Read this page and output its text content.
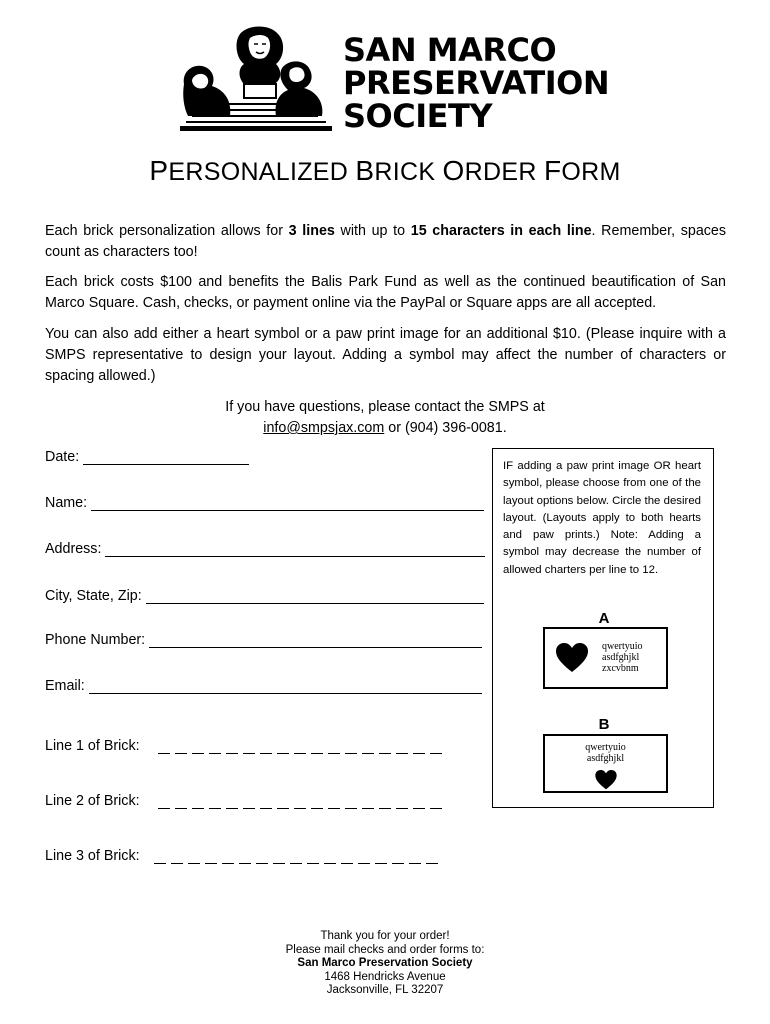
SAN MARCO
PRESERVATION
SOCIETY
PERSONALIZED BRICK ORDER FORM
Each brick personalization allows for 3 lines with up to 15 characters in each line. Remember, spaces count as characters too!
Each brick costs $100 and benefits the Balis Park Fund as well as the continued beautification of San Marco Square. Cash, checks, or payment online via the PayPal or Square apps are all accepted.
You can also add either a heart symbol or a paw print image for an additional $10. (Please inquire with a SMPS representative to design your layout. Adding a symbol may affect the number of characters or spacing allowed.)
If you have questions, please contact the SMPS at
info@smpsjax.com or (904) 396-0081.
Date:
Name:
Address:
City, State, Zip:
Phone Number:
Email:
Line 1 of Brick:
Line 2 of Brick:
Line 3 of Brick:
IF adding a paw print image OR heart symbol, please choose from one of the layout options below. Circle the desired layout. (Layouts apply to both hearts and paw prints.) Note: Adding a symbol may decrease the number of allowed charters per line to 12.
A
qwertyuio
asdfghjkl
zxcvbnm
B
qwertyuio
asdfghjkl
Thank you for your order!
Please mail checks and order forms to:
San Marco Preservation Society
1468 Hendricks Avenue
Jacksonville, FL 32207
